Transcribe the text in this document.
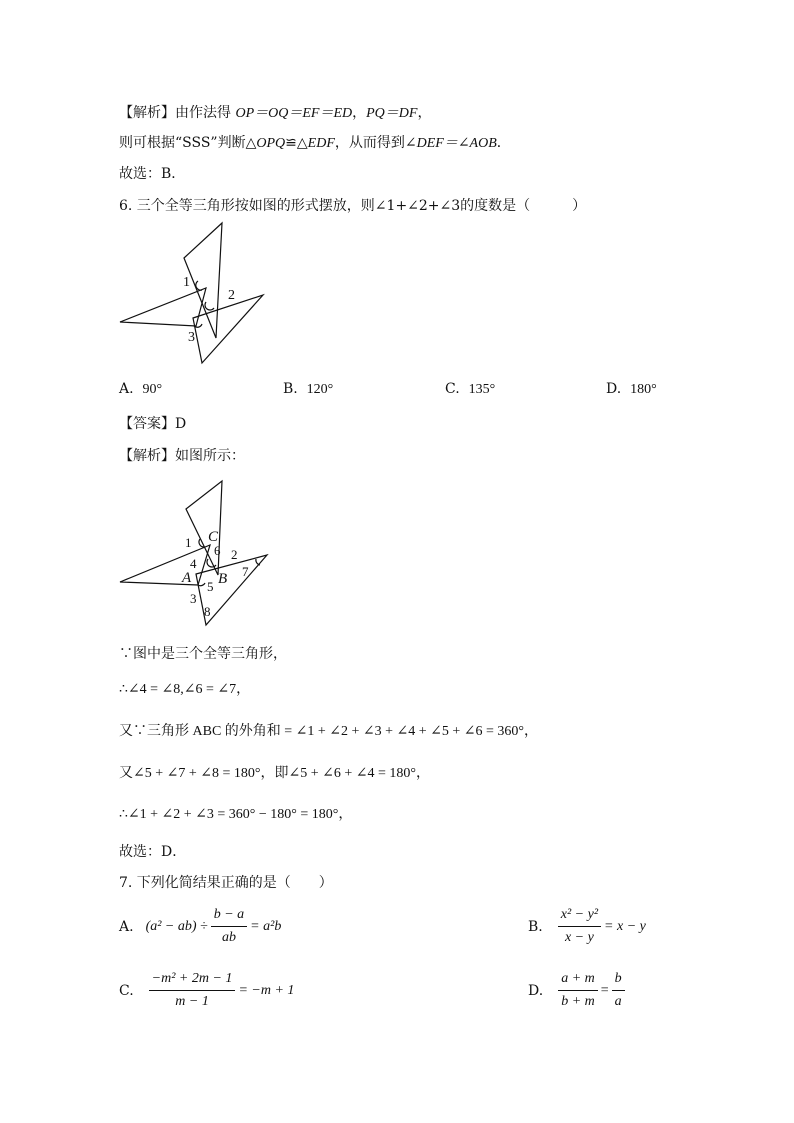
【解析】由作法得 OP＝OQ＝EF＝ED，PQ＝DF，
则可根据“SSS”判断△OPQ≌△EDF，从而得到∠DEF＝∠AOB．
故选：B．
6. 三个全等三角形按如图的形式摆放，则∠1+∠2+∠3的度数是（　　　）
1
2
3
A. 90°	B. 120°	C. 135°	D. 180°
【答案】D
【解析】如图所示：
1 C
6 2
4
A B
5
7
3
8
∵图中是三个全等三角形，
∴∠4 = ∠8,∠6 = ∠7，
又∵三角形 ABC 的外角和 = ∠1 + ∠2 + ∠3 + ∠4 + ∠5 + ∠6 = 360°，
又∠5 + ∠7 + ∠8 = 180°，即∠5 + ∠6 + ∠4 = 180°，
∴∠1 + ∠2 + ∠3 = 360° − 180° = 180°，
故选：D．
7. 下列化简结果正确的是（　　）
A. $(a^2 - ab) \div \frac{b - a}{ab} = a^2b$	B. $\frac{\text{x² − y²}}{x - y} = x - y$
C. $\frac{\text{−m² + 2m − 1}}{m - 1} = -m + 1$	D. $\frac{a + m}{b + m} = \frac{b}{a}$
